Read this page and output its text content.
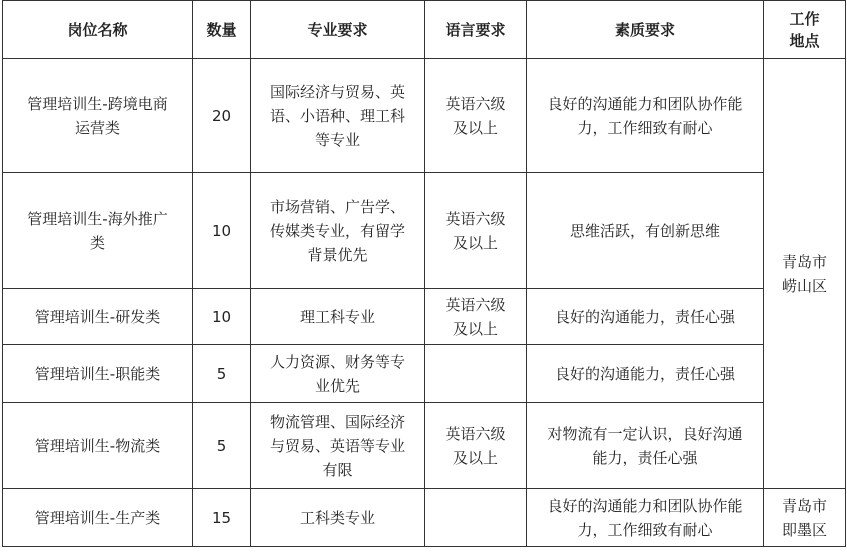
岗位名称	数量	专业要求	语言要求	素质要求	工作地点
管理培训生-跨境电商运营类	20	国际经济与贸易、英语、小语种、理工科等专业	英语六级及以上	良好的沟通能力和团队协作能力，工作细致有耐心	青岛市崂山区
管理培训生-海外推广类	10	市场营销、广告学、传媒类专业，有留学背景优先	英语六级及以上	思维活跃，有创新思维	
管理培训生-研发类	10	理工科专业	英语六级及以上	良好的沟通能力，责任心强	
管理培训生-职能类	5	人力资源、财务等专业优先		良好的沟通能力，责任心强	
管理培训生-物流类	5	物流管理、国际经济与贸易、英语等专业有限	英语六级及以上	对物流有一定认识，良好沟通能力，责任心强	
管理培训生-生产类	15	工科类专业		良好的沟通能力和团队协作能力，工作细致有耐心	青岛市即墨区
